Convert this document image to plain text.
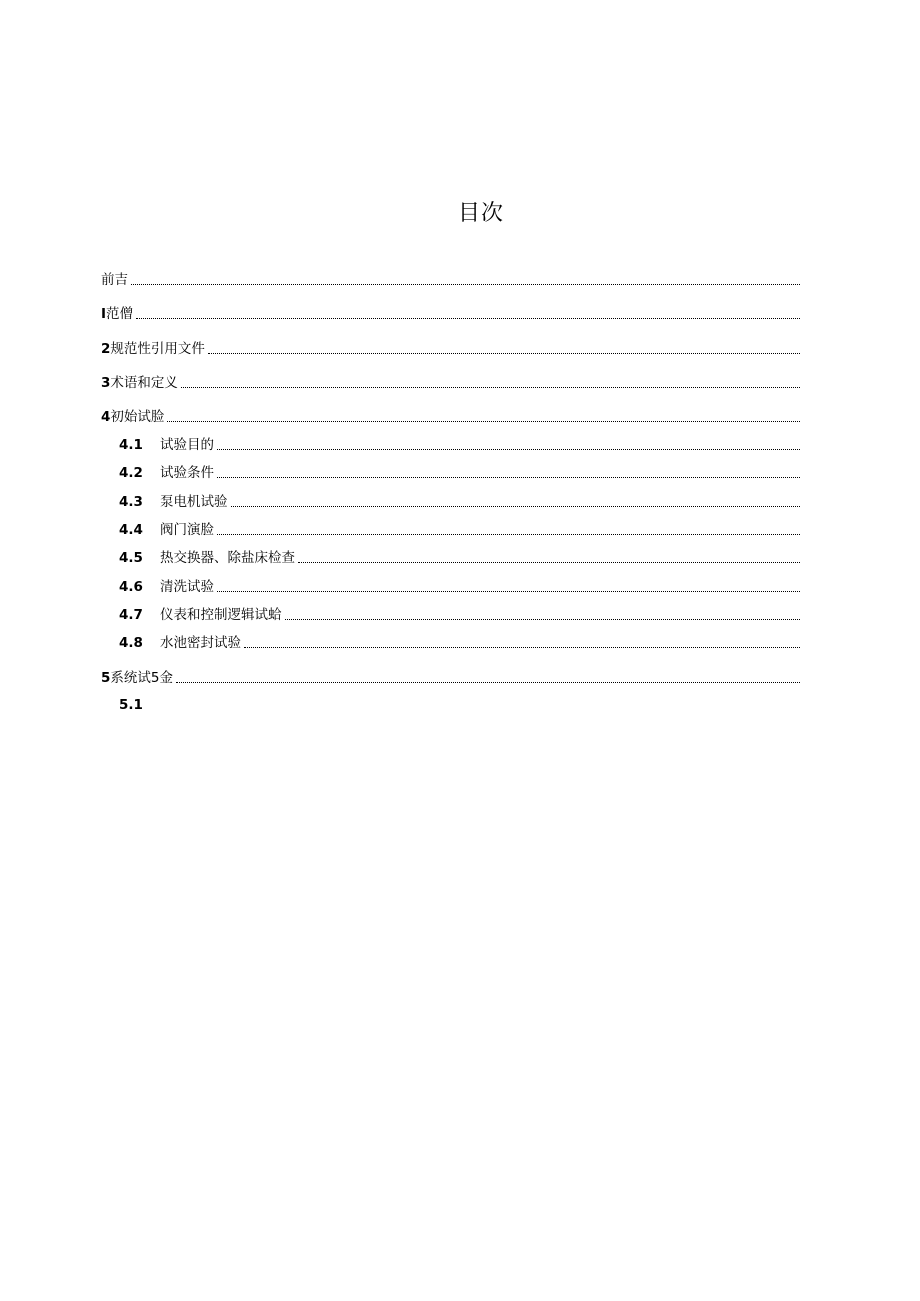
目次
前吉
I 范僧
2 规范性引用文件
3 术语和定义
4 初始试脸
4.1	试验目的
4.2	试验条件
4.3	泵电机试验
4.4	阀门演脸
4.5	热交换器、除盐床检查
4.6	清洗试验
4.7	仪表和控制逻辑试蛤
4.8	水池密封试验
5 系统试5金
5.1
